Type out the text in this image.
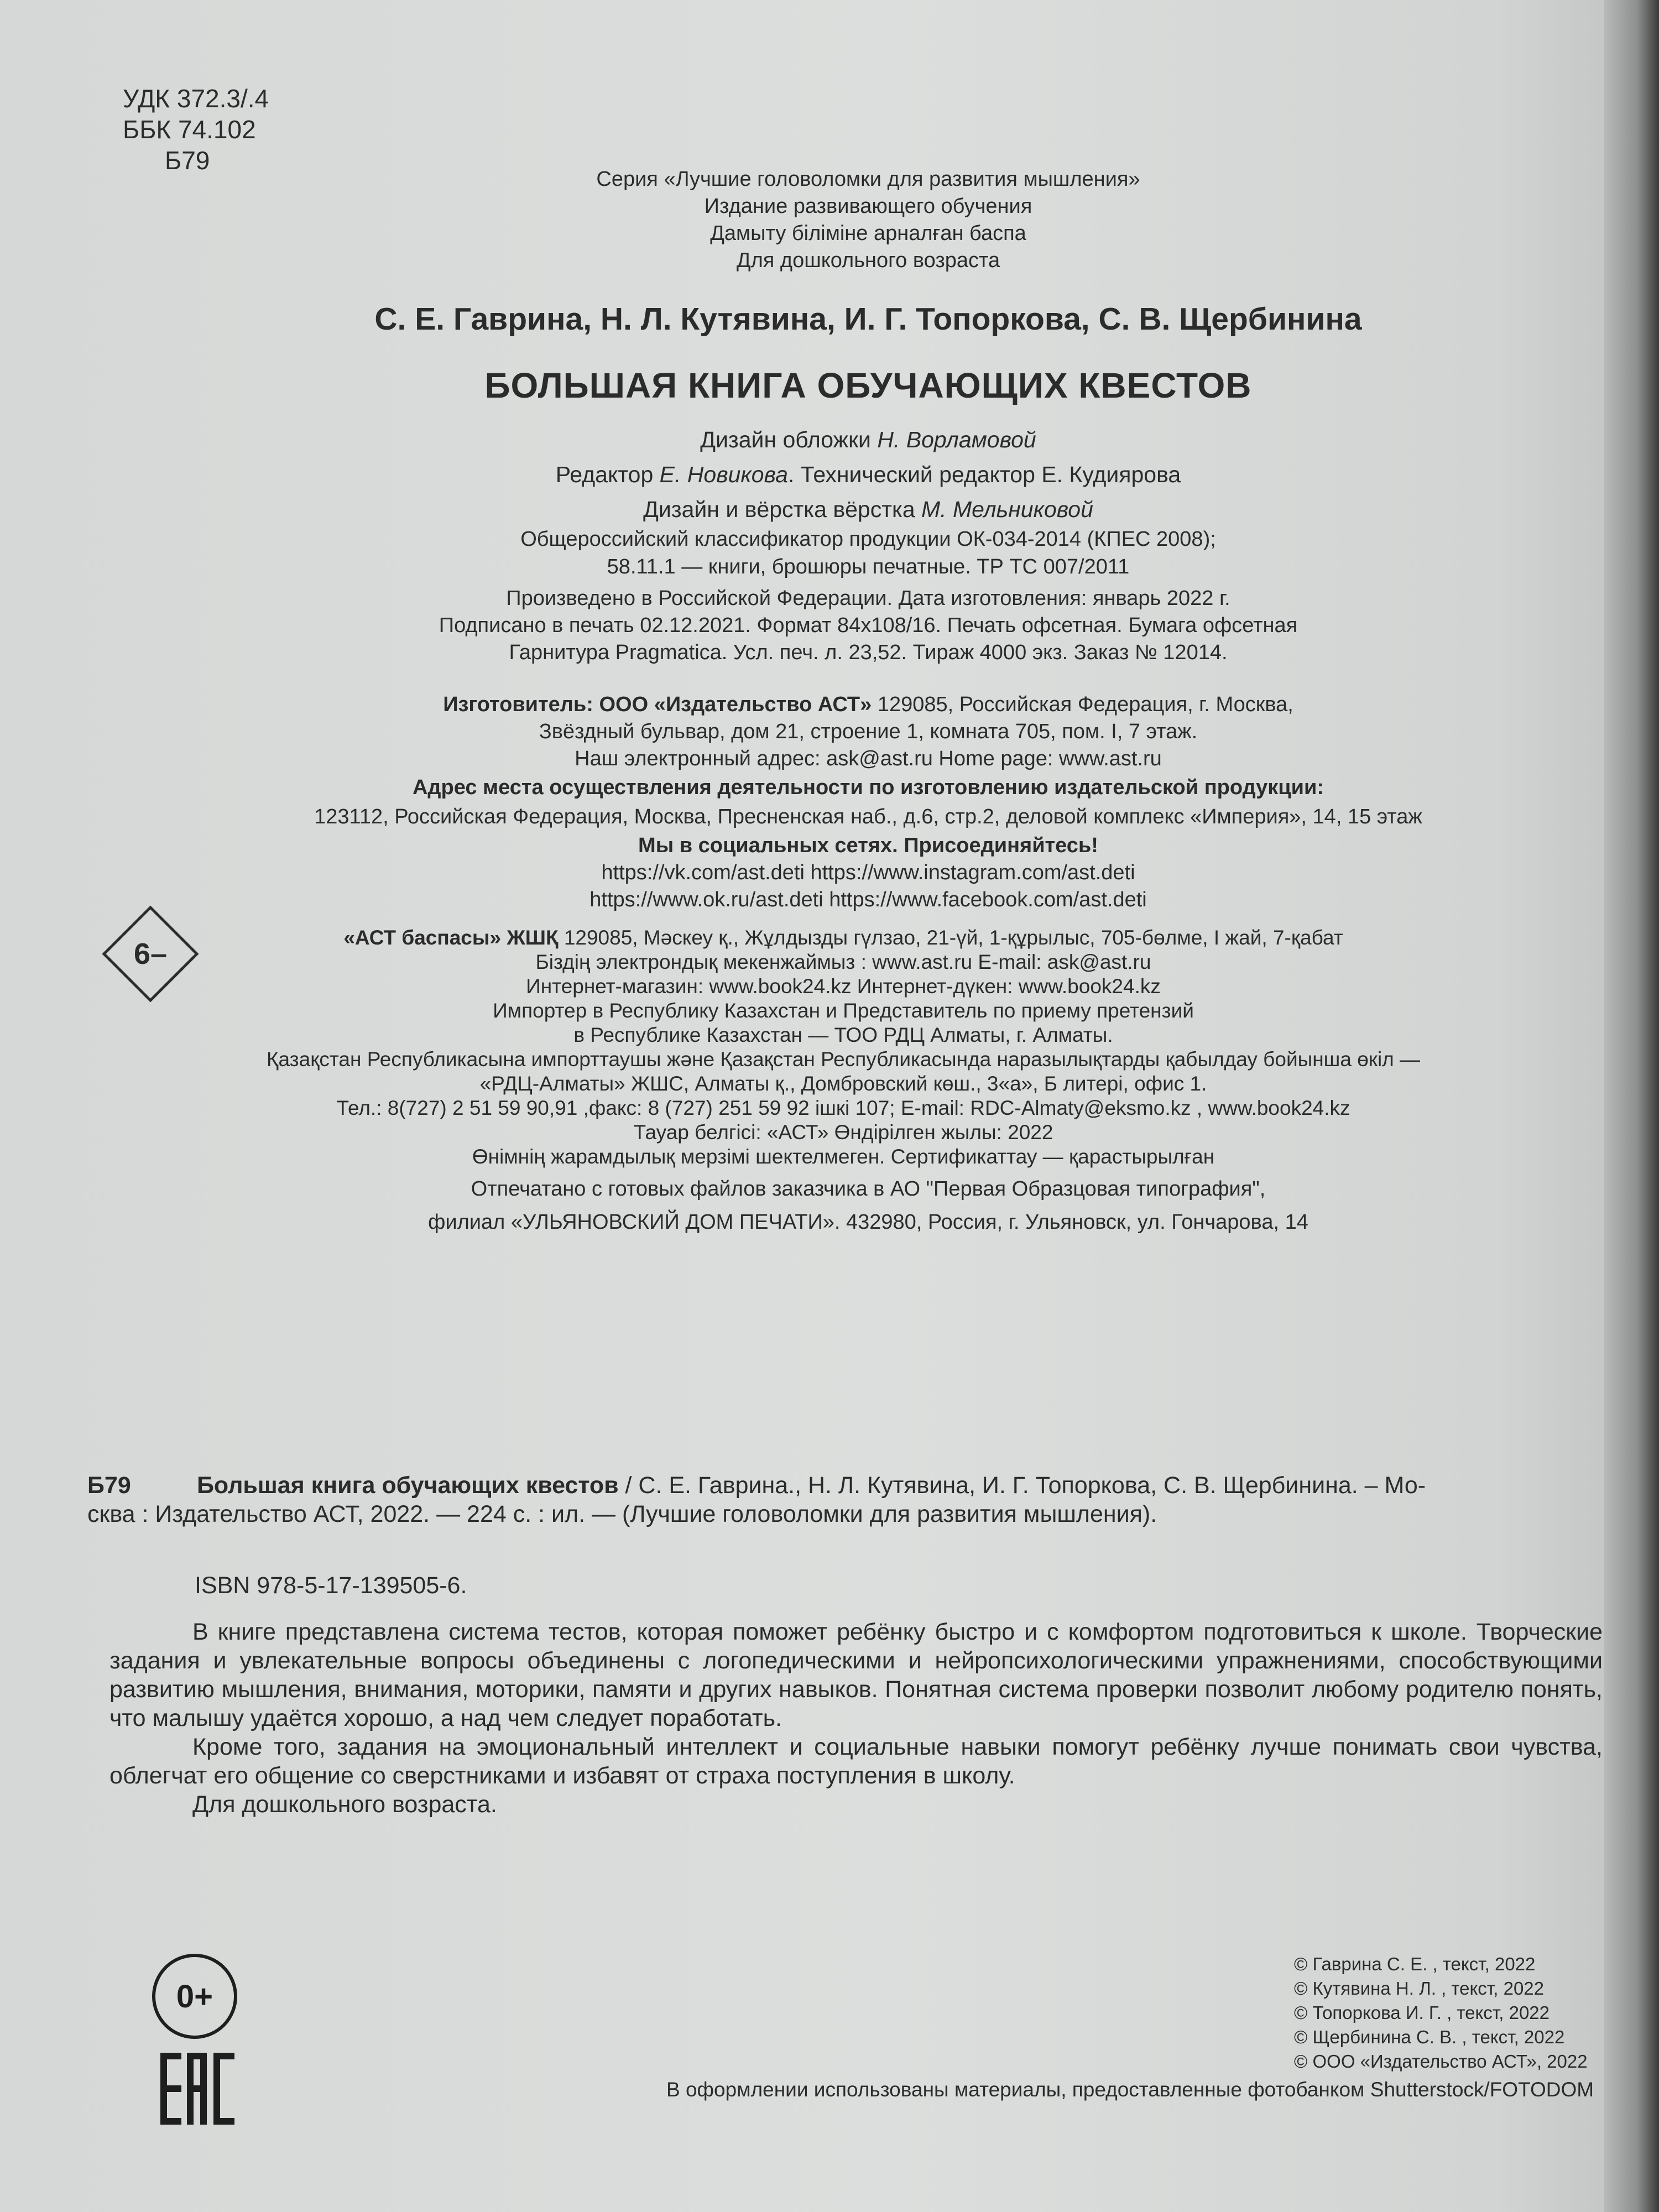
УДК 372.3/.4
ББК 74.102
Б79
Серия «Лучшие головоломки для развития мышления»
Издание развивающего обучения
Дамыту біліміне арналған баспа
Для дошкольного возраста
С. Е. Гаврина, Н. Л. Кутявина, И. Г. Топоркова, С. В. Щербинина
БОЛЬШАЯ КНИГА ОБУЧАЮЩИХ КВЕСТОВ
Дизайн обложки Н. Ворламовой
Редактор Е. Новикова. Технический редактор Е. Кудиярова
Дизайн и вёрстка вёрстка М. Мельниковой
Общероссийский классификатор продукции ОК-034-2014 (КПЕС 2008);
58.11.1 — книги, брошюры печатные. ТР ТС 007/2011
Произведено в Российской Федерации. Дата изготовления: январь 2022 г.
Подписано в печать 02.12.2021. Формат 84x108/16. Печать офсетная. Бумага офсетная
Гарнитура Pragmatica. Усл. печ. л. 23,52. Тираж 4000 экз. Заказ № 12014.
Изготовитель: ООО «Издательство АСТ» 129085, Российская Федерация, г. Москва,
Звёздный бульвар, дом 21, строение 1, комната 705, пом. I, 7 этаж.
Наш электронный адрес: ask@ast.ru Home page: www.ast.ru
Адрес места осуществления деятельности по изготовлению издательской продукции:
123112, Российская Федерация, Москва, Пресненская наб., д.6, стр.2, деловой комплекс «Империя», 14, 15 этаж
Мы в социальных сетях. Присоединяйтесь!
https://vk.com/ast.deti https://www.instagram.com/ast.deti
https://www.ok.ru/ast.deti https://www.facebook.com/ast.deti
6–	«АСТ баспасы» ЖШҚ 129085, Мәскеу қ., Жұлдызды гүлзао, 21-үй, 1-құрылыс, 705-бөлме, I жай, 7-қабат
Біздің электрондық мекенжаймыз : www.ast.ru E-mail: ask@ast.ru
Интернет-магазин: www.book24.kz Интернет-дүкен: www.book24.kz
Импортер в Республику Казахстан и Представитель по приему претензий
в Республике Казахстан — ТОО РДЦ Алматы, г. Алматы.
Қазақстан Республикасына импорттаушы және Қазақстан Республикасында наразылықтарды қабылдау бойынша өкіл —
«РДЦ-Алматы» ЖШС, Алматы қ., Домбровский көш., 3«а», Б литері, офис 1.
Тел.: 8(727) 2 51 59 90,91 ,факс: 8 (727) 251 59 92 ішкі 107; E-mail: RDC-Almaty@eksmo.kz , www.book24.kz
Тауар белгісі: «АСТ» Өндірілген жылы: 2022
Өнімнің жарамдылық мерзімі шектелмеген. Сертификаттау — қарастырылған
Отпечатано с готовых файлов заказчика в АО "Первая Образцовая типография",
филиал «УЛЬЯНОВСКИЙ ДОМ ПЕЧАТИ». 432980, Россия, г. Ульяновск, ул. Гончарова, 14
Б79	Большая книга обучающих квестов / С. Е. Гаврина., Н. Л. Кутявина, И. Г. Топоркова, С. В. Щербинина. – Мо-
сква : Издательство АСТ, 2022. — 224 с. : ил. — (Лучшие головоломки для развития мышления).
ISBN 978-5-17-139505-6.

В книге представлена система тестов, которая поможет ребёнку быстро и с комфортом подготовиться к школе. Творческие задания и увлекательные вопросы объединены с логопедическими и нейропсихологическими упражнениями, способствующими развитию мышления, внимания, моторики, памяти и других навыков. Понятная система проверки позволит любому родителю понять, что малышу удаётся хорошо, а над чем следует поработать.

Кроме того, задания на эмоциональный интеллект и социальные навыки помогут ребёнку лучше понимать свои чувства, облегчат его общение со сверстниками и избавят от страха поступления в школу.

Для дошкольного возраста.

0+
© Гаврина С. Е. , текст, 2022
© Кутявина Н. Л. , текст, 2022
© Топоркова И. Г. , текст, 2022
© Щербинина С. В. , текст, 2022
© ООО «Издательство АСТ», 2022
В оформлении использованы материалы, предоставленные фотобанком Shutterstock/FOTODOM
